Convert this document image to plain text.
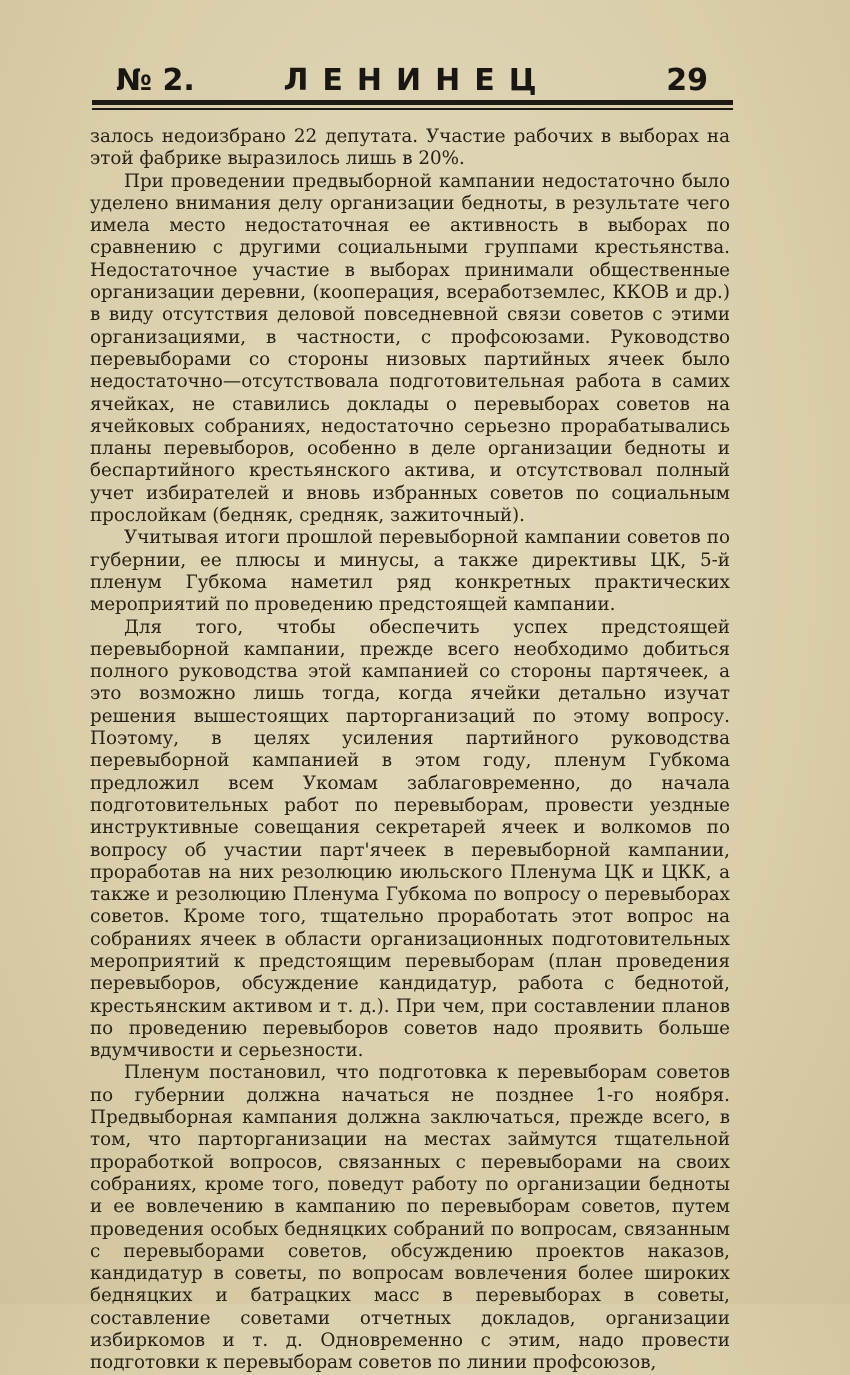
№ 2.	ЛЕНИНЕЦ	29

залось недоизбрано 22 депутата. Участие рабочих в выборах на этой фабрике выразилось лишь в 20%.

При проведении предвыборной кампании недостаточно было уделено внимания делу организации бедноты, в результате чего имела место недостаточная ее активность в выборах по сравнению с другими социальными группами крестьянства. Недостаточное участие в выборах принимали общественные организации деревни, (кооперация, всеработземлес, ККОВ и др.) в виду отсутствия деловой повседневной связи советов с этими организациями, в частности, с профсоюзами. Руководство перевыборами со стороны низовых партийных ячеек было недостаточно—отсутствовала подготовительная работа в самих ячейках, не ставились доклады о перевыборах советов на ячейковых собраниях, недостаточно серьезно прорабатывались планы перевыборов, особенно в деле организации бедноты и беспартийного крестьянского актива, и отсутствовал полный учет избирателей и вновь избранных советов по социальным прослойкам (бедняк, средняк, зажиточный).

Учитывая итоги прошлой перевыборной кампании советов по губернии, ее плюсы и минусы, а также директивы ЦК, 5-й пленум Губкома наметил ряд конкретных практических мероприятий по проведению предстоящей кампании.

Для того, чтобы обеспечить успех предстоящей перевыборной кампании, прежде всего необходимо добиться полного руководства этой кампанией со стороны партячеек, а это возможно лишь тогда, когда ячейки детально изучат решения вышестоящих парторганизаций по этому вопросу. Поэтому, в целях усиления партийного руководства перевыборной кампанией в этом году, пленум Губкома предложил всем Укомам заблаговременно, до начала подготовительных работ по перевыборам, провести уездные инструктивные совещания секретарей ячеек и волкомов по вопросу об участии парт'ячеек в перевыборной кампании, проработав на них резолюцию июльского Пленума ЦК и ЦКК, а также и резолюцию Пленума Губкома по вопросу о перевыборах советов. Кроме того, тщательно проработать этот вопрос на собраниях ячеек в области организационных подготовительных мероприятий к предстоящим перевыборам (план проведения перевыборов, обсуждение кандидатур, работа с беднотой, крестьянским активом и т. д.). При чем, при составлении планов по проведению перевыборов советов надо проявить больше вдумчивости и серьезности.

Пленум постановил, что подготовка к перевыборам советов по губернии должна начаться не позднее 1-го ноября. Предвыборная кампания должна заключаться, прежде всего, в том, что парторганизации на местах займутся тщательной проработкой вопросов, связанных с перевыборами на своих собраниях, кроме того, поведут работу по организации бедноты и ее вовлечению в кампанию по перевыборам советов, путем проведения особых бедняцких собраний по вопросам, связанным с перевыборами советов, обсуждению проектов наказов, кандидатур в советы, по вопросам вовлечения более широких бедняцких и батрацких масс в перевыборах в советы, составление советами отчетных докладов, организации избиркомов и т. д. Одновременно с этим, надо провести подготовки к перевыборам советов по линии профсоюзов,
